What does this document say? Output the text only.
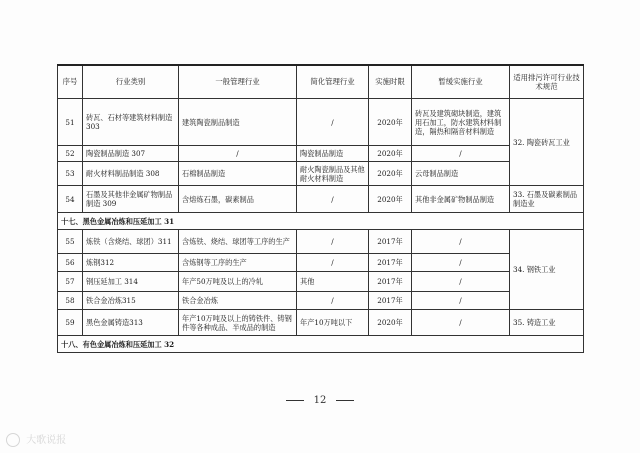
序号	行业类别	一般管理行业	简化管理行业	实施时限	暂缓实施行业	适用排污许可行业技术规范
51	砖瓦、石材等建筑材料制造 303	建筑陶瓷制品制造	/	2020年	砖瓦及建筑砌块制造，建筑用石加工，防水建筑材料制造，隔热和隔音材料制造	32. 陶瓷砖瓦工业
52	陶瓷制品制造 307	/	陶瓷制品制造	2020年	/	
53	耐火材料制品制造 308	石棉制品制造	耐火陶瓷制品及其他耐火材料制造	2020年	云母制品制造	
54	石墨及其他非金属矿物制品制造 309	含熔炼石墨，碳素制品	/	2020年	其他非金属矿物制品制造	33. 石墨及碳素制品制造业
十七、黑色金属冶炼和压延加工 31						
55	炼铁（含烧结、球团）311	含炼铁、烧结、球团等工序的生产	/	2017年	/	34. 钢铁工业
56	炼钢312	含炼钢等工序的生产	/	2017年	/	
57	钢压延加工 314	年产50万吨及以上的冷轧	其他	2017年	/	
58	铁合金冶炼315	铁合金冶炼	/	2017年	/	
59	黑色金属铸造313	年产10万吨及以上的铸铁件、铸钢件等各种成品、半成品的制造	年产10万吨以下	2020年	/	35. 铸造工业
十八、有色金属冶炼和压延加工 32						
12
大歌说报
